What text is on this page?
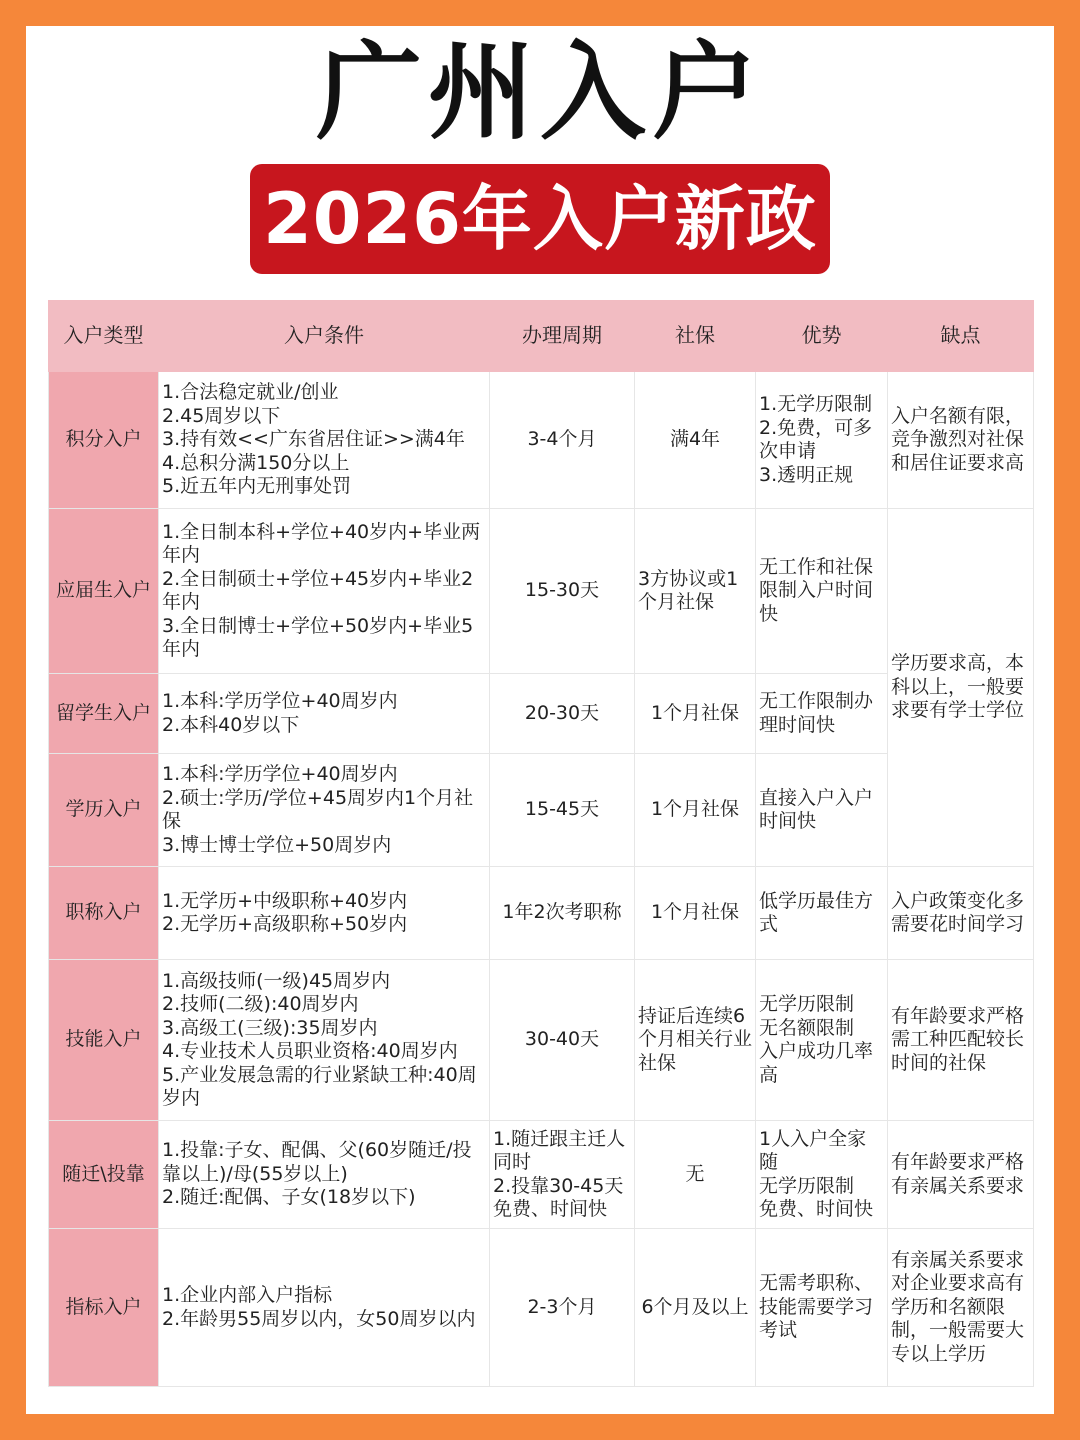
广州入户
2026年入户新政
入户类型	入户条件	办理周期	社保	优势	缺点
积分入户	1.合法稳定就业/创业
2.45周岁以下
3.持有效<<广东省居住证>>满4年
4.总积分满150分以上
5.近五年内无刑事处罚	3-4个月	满4年	1.无学历限制
2.免费，可多次申请
3.透明正规	入户名额有限，竞争激烈对社保和居住证要求高
应届生入户	1.全日制本科+学位+40岁内+毕业两年内
2.全日制硕士+学位+45岁内+毕业2年内
3.全日制博士+学位+50岁内+毕业5年内	15-30天	3方协议或1个月社保	无工作和社保限制入户时间快	学历要求高，本科以上，一般要求要有学士学位
留学生入户	1.本科:学历学位+40周岁内
2.本科40岁以下	20-30天	1个月社保	无工作限制办理时间快	
学历入户	1.本科:学历学位+40周岁内
2.硕士:学历/学位+45周岁内1个月社保
3.博士博士学位+50周岁内	15-45天	1个月社保	直接入户入户时间快	
职称入户	1.无学历+中级职称+40岁内
2.无学历+高级职称+50岁内	1年2次考职称	1个月社保	低学历最佳方式	入户政策变化多需要花时间学习
技能入户	1.高级技师(一级)45周岁内
2.技师(二级):40周岁内
3.高级工(三级):35周岁内
4.专业技术人员职业资格:40周岁内
5.产业发展急需的行业紧缺工种:40周岁内	30-40天	持证后连续6个月相关行业社保	无学历限制
无名额限制
入户成功几率高	有年龄要求严格需工种匹配较长时间的社保
随迁\投靠	1.投靠:子女、配偶、父(60岁随迁/投靠以上)/母(55岁以上)
2.随迁:配偶、子女(18岁以下)	1.随迁跟主迁人同时
2.投靠30-45天免费、时间快	无	1人入户全家随
无学历限制
免费、时间快	有年龄要求严格有亲属关系要求
指标入户	1.企业内部入户指标
2.年龄男55周岁以内，女50周岁以内	2-3个月	6个月及以上	无需考职称、技能需要学习考试	有亲属关系要求对企业要求高有学历和名额限制，一般需要大专以上学历
